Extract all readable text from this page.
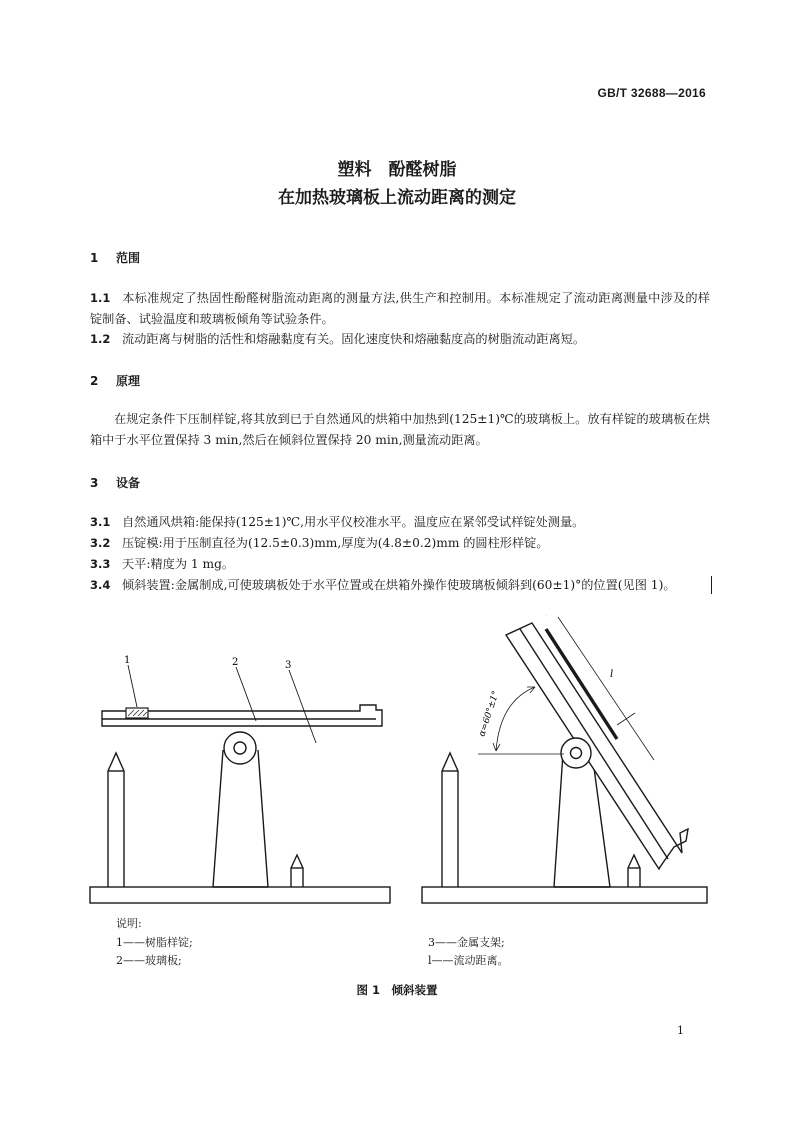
GB/T 32688—2016
塑料　酚醛树脂
在加热玻璃板上流动距离的测定
1 范围
1.1 本标准规定了热固性酚醛树脂流动距离的测量方法,供生产和控制用。本标准规定了流动距离测量中涉及的样锭制备、试验温度和玻璃板倾角等试验条件。
1.2 流动距离与树脂的活性和熔融黏度有关。固化速度快和熔融黏度高的树脂流动距离短。
2 原理
在规定条件下压制样锭,将其放到已于自然通风的烘箱中加热到(125±1)℃的玻璃板上。放有样锭的玻璃板在烘箱中于水平位置保持 3 min,然后在倾斜位置保持 20 min,测量流动距离。
3 设备
3.1 自然通风烘箱:能保持(125±1)℃,用水平仪校准水平。温度应在紧邻受试样锭处测量。
3.2 压锭模:用于压制直径为(12.5±0.3)mm,厚度为(4.8±0.2)mm 的圆柱形样锭。
3.3 天平:精度为 1 mg。
3.4 倾斜装置:金属制成,可使玻璃板处于水平位置或在烘箱外操作使玻璃板倾斜到(60±1)°的位置(见图 1)。
1	2	3
l
α=60°±1°
说明:
1——树脂样锭;
2——玻璃板;
3——金属支架;
l——流动距离。
图 1　倾斜装置
1
